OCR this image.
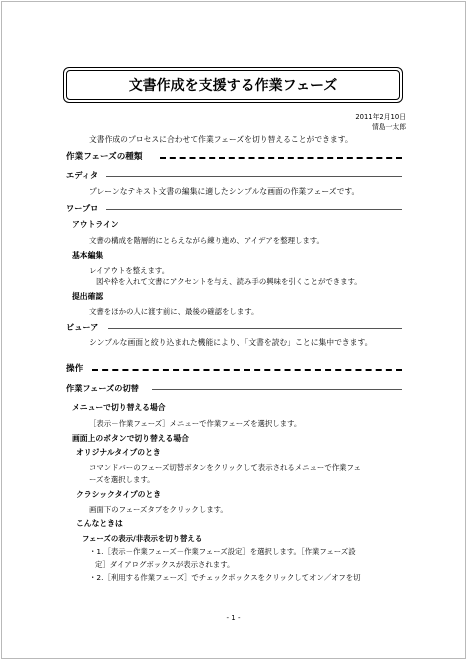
文書作成を支援する作業フェーズ
2011年2月10日
情島一太郎
文書作成のプロセスに合わせて作業フェーズを切り替えることができます。
作業フェーズの種類
エディタ
プレーンなテキスト文書の編集に適したシンプルな画面の作業フェーズです。
ワープロ
アウトライン
文書の構成を階層的にとらえながら練り進め、アイデアを整理します。
基本編集
レイアウトを整えます。
図や枠を入れて文書にアクセントを与え、読み手の興味を引くことができます。
提出確認
文書をほかの人に渡す前に、最後の確認をします。
ビューア
シンプルな画面と絞り込まれた機能により、「文書を読む」ことに集中できます。
操作
作業フェーズの切替
メニューで切り替える場合
［表示－作業フェーズ］メニューで作業フェーズを選択します。
画面上のボタンで切り替える場合
オリジナルタイプのとき
コマンドバーのフェーズ切替ボタンをクリックして表示されるメニューで作業フェ
ーズを選択します。
クラシックタイプのとき
画面下のフェーズタブをクリックします。
こんなときは
フェーズの表示/非表示を切り替える
・1.［表示－作業フェーズ－作業フェーズ設定］を選択します。［作業フェーズ設
定］ダイアログボックスが表示されます。
・2.［利用する作業フェーズ］でチェックボックスをクリックしてオン／オフを切
- 1 -
